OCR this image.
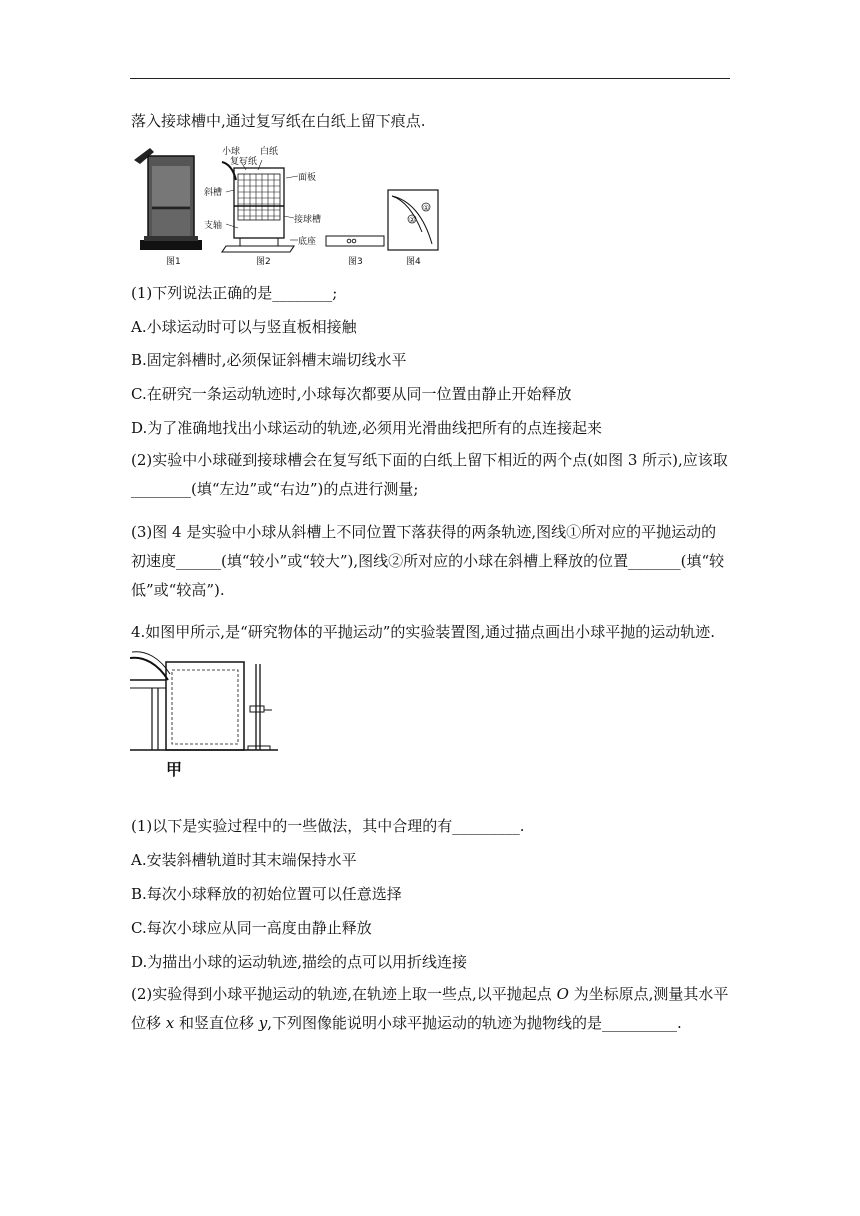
落入接球槽中,通过复写纸在白纸上留下痕点.
小球 白纸
复写纸
面板
斜槽
支轴
接球槽
底座
①
②
图1	图2	图3	图4
(1)下列说法正确的是________;
A.小球运动时可以与竖直板相接触
B.固定斜槽时,必须保证斜槽末端切线水平
C.在研究一条运动轨迹时,小球每次都要从同一位置由静止开始释放
D.为了准确地找出小球运动的轨迹,必须用光滑曲线把所有的点连接起来
(2)实验中小球碰到接球槽会在复写纸下面的白纸上留下相近的两个点(如图 3 所示),应该取________(填“左边”或“右边”)的点进行测量;
(3)图 4 是实验中小球从斜槽上不同位置下落获得的两条轨迹,图线①所对应的平抛运动的初速度______(填“较小”或“较大”),图线②所对应的小球在斜槽上释放的位置_______(填“较低”或“较高”).
4.如图甲所示,是“研究物体的平抛运动”的实验装置图,通过描点画出小球平抛的运动轨迹.
甲
(1)以下是实验过程中的一些做法，其中合理的有_________.
A.安装斜槽轨道时其末端保持水平
B.每次小球释放的初始位置可以任意选择
C.每次小球应从同一高度由静止释放
D.为描出小球的运动轨迹,描绘的点可以用折线连接
(2)实验得到小球平抛运动的轨迹,在轨迹上取一些点,以平抛起点 O 为坐标原点,测量其水平位移 x 和竖直位移 y,下列图像能说明小球平抛运动的轨迹为抛物线的是__________.
